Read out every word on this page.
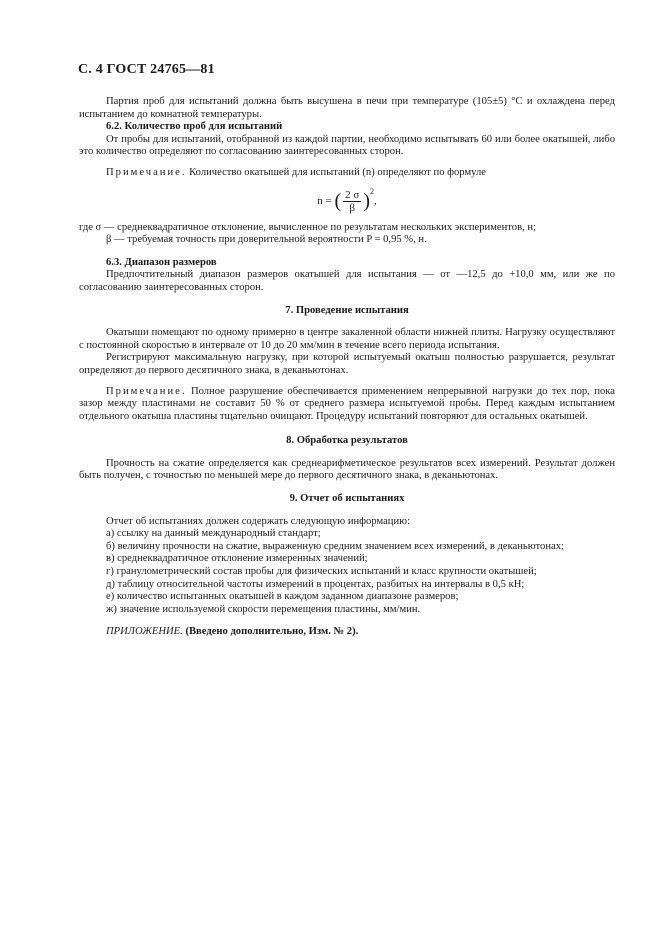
С. 4 ГОСТ 24765—81

Партия проб для испытаний должна быть высушена в печи при температуре (105±5) °С и охлаждена перед испытанием до комнатной температуры.

6.2. Количество проб для испытаний

От пробы для испытаний, отобранной из каждой партии, необходимо испытывать 60 или более окатышей, либо это количество определяют по согласованию заинтересованных сторон.

Примечание. Количество окатышей для испытаний (n) определяют по формуле

n = ( $\frac{2 \sigma}{\beta} )^2$,

где σ — среднеквадратичное отклонение, вычисленное по результатам нескольких экспериментов, н;

β — требуемая точность при доверительной вероятности P = 0,95 %, н.

6.3. Диапазон размеров

Предпочтительный диапазон размеров окатышей для испытания — от —12,5 до +10,0 мм, или же по согласованию заинтересованных сторон.

7. Проведение испытания

Окатыши помещают по одному примерно в центре закаленной области нижней плиты. Нагрузку осуществляют с постоянной скоростью в интервале от 10 до 20 мм/мин в течение всего периода испытания.

Регистрируют максимальную нагрузку, при которой испытуемый окатыш полностью разрушается, результат определяют до первого десятичного знака, в деканьютонах.

Примечание. Полное разрушение обеспечивается применением непрерывной нагрузки до тех пор, пока зазор между пластинами не составит 50 % от среднего размера испытуемой пробы. Перед каждым испытанием отдельного окатыша пластины тщательно очищают. Процедуру испытаний повторяют для остальных окатышей.

8. Обработка результатов

Прочность на сжатие определяется как среднеарифметическое результатов всех измерений. Результат должен быть получен, с точностью по меньшей мере до первого десятичного знака, в деканьютонах.

9. Отчет об испытаниях

Отчет об испытаниях должен содержать следующую информацию:

а) ссылку на данный международный стандарт;

б) величину прочности на сжатие, выраженную средним значением всех измерений, в деканьютонах;

в) среднеквадратичное отклонение измеренных значений;

г) гранулометрический состав пробы для физических испытаний и класс крупности окатышей;

д) таблицу относительной частоты измерений в процентах, разбитых на интервалы в 0,5 кН;

е) количество испытанных окатышей в каждом заданном диапазоне размеров;

ж) значение используемой скорости перемещения пластины, мм/мин.

ПРИЛОЖЕНИЕ. (Введено дополнительно, Изм. № 2).
